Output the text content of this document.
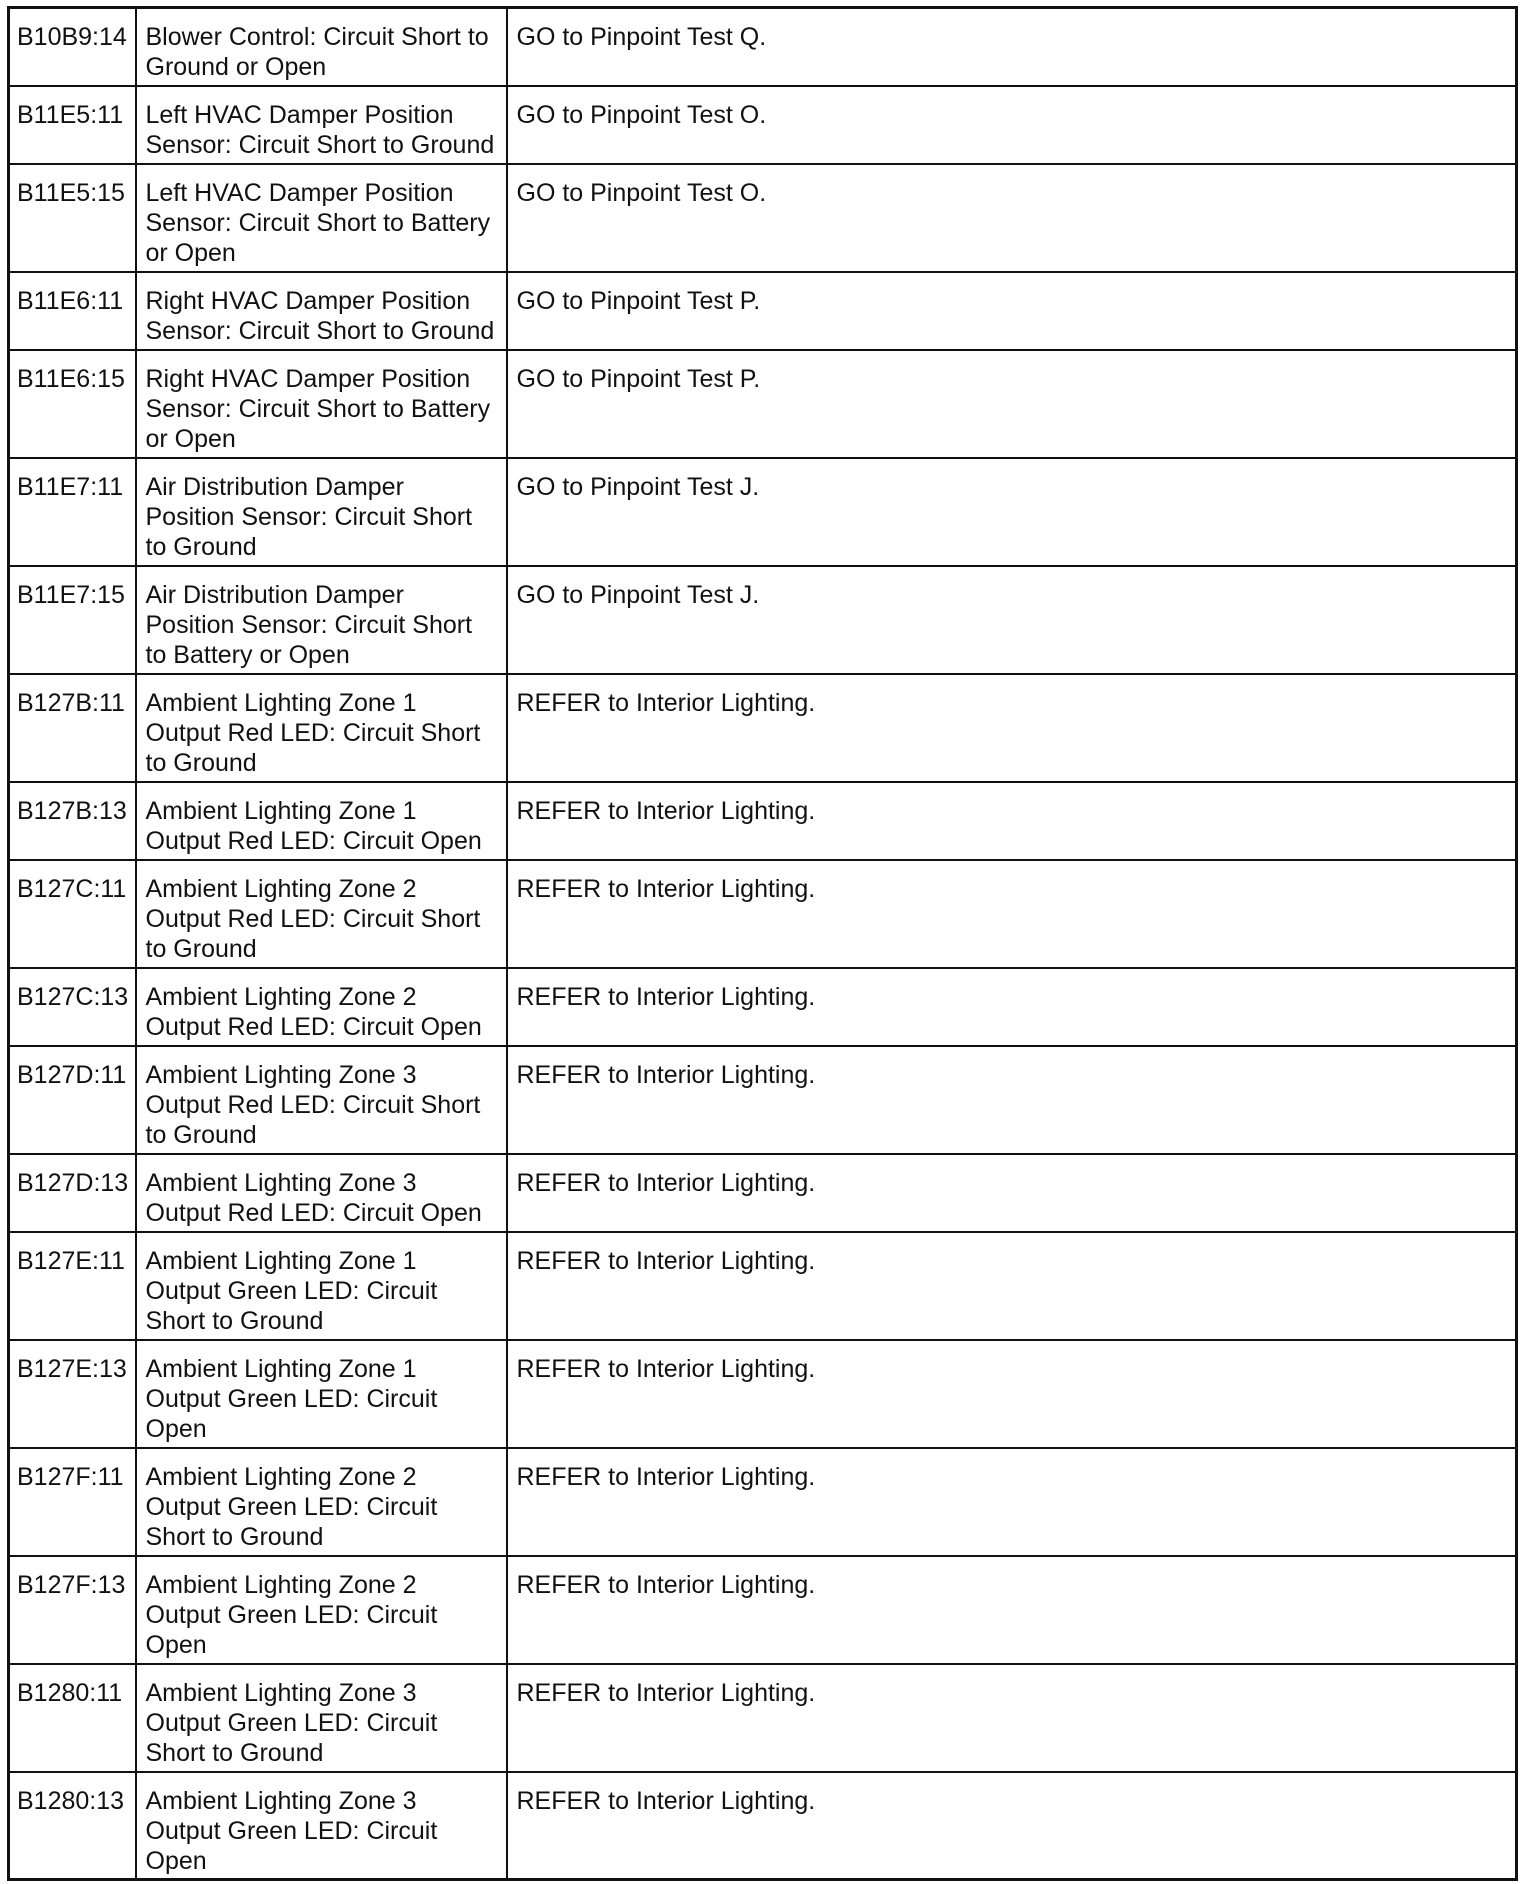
B10B9:14	Blower Control: Circuit Short to Ground or Open	GO to Pinpoint Test Q.
B11E5:11	Left HVAC Damper Position Sensor: Circuit Short to Ground	GO to Pinpoint Test O.
B11E5:15	Left HVAC Damper Position Sensor: Circuit Short to Battery or Open	GO to Pinpoint Test O.
B11E6:11	Right HVAC Damper Position Sensor: Circuit Short to Ground	GO to Pinpoint Test P.
B11E6:15	Right HVAC Damper Position Sensor: Circuit Short to Battery or Open	GO to Pinpoint Test P.
B11E7:11	Air Distribution Damper Position Sensor: Circuit Short to Ground	GO to Pinpoint Test J.
B11E7:15	Air Distribution Damper Position Sensor: Circuit Short to Battery or Open	GO to Pinpoint Test J.
B127B:11	Ambient Lighting Zone 1 Output Red LED: Circuit Short to Ground	REFER to Interior Lighting.
B127B:13	Ambient Lighting Zone 1 Output Red LED: Circuit Open	REFER to Interior Lighting.
B127C:11	Ambient Lighting Zone 2 Output Red LED: Circuit Short to Ground	REFER to Interior Lighting.
B127C:13	Ambient Lighting Zone 2 Output Red LED: Circuit Open	REFER to Interior Lighting.
B127D:11	Ambient Lighting Zone 3 Output Red LED: Circuit Short to Ground	REFER to Interior Lighting.
B127D:13	Ambient Lighting Zone 3 Output Red LED: Circuit Open	REFER to Interior Lighting.
B127E:11	Ambient Lighting Zone 1 Output Green LED: Circuit Short to Ground	REFER to Interior Lighting.
B127E:13	Ambient Lighting Zone 1 Output Green LED: Circuit Open	REFER to Interior Lighting.
B127F:11	Ambient Lighting Zone 2 Output Green LED: Circuit Short to Ground	REFER to Interior Lighting.
B127F:13	Ambient Lighting Zone 2 Output Green LED: Circuit Open	REFER to Interior Lighting.
B1280:11	Ambient Lighting Zone 3 Output Green LED: Circuit Short to Ground	REFER to Interior Lighting.
B1280:13	Ambient Lighting Zone 3 Output Green LED: Circuit Open	REFER to Interior Lighting.
